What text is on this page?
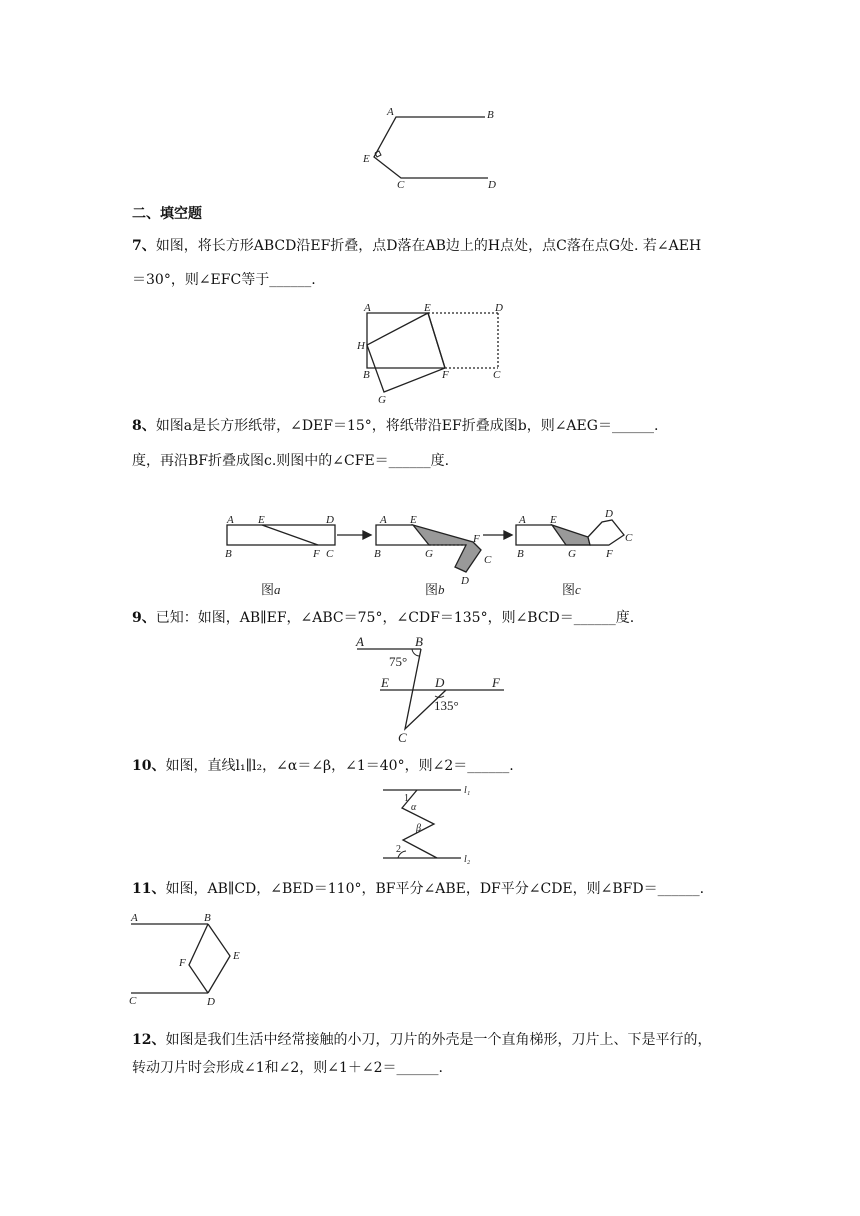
A	B
E
C	D
二、填空题
7、如图，将长方形ABCD沿EF折叠，点D落在AB边上的H点处，点C落在点G处. 若∠AEH
＝30°，则∠EFC等于______.
A	E	D
H
B	F	C
G
8、如图a是长方形纸带，∠DEF＝15°，将纸带沿EF折叠成图b，则∠AEG＝______.
度，再沿BF折叠成图c.则图中的∠CFE＝______度.
A E	D
B	F C
A E
B	G
F
C
D
A E	D
B	G	F
C
图a	图b	图c
9、已知：如图，AB∥EF，∠ABC＝75°，∠CDF＝135°，则∠BCD＝______度.
A	B
E	D	F
C
75°
135°
10、如图，直线l₁∥l₂，∠α＝∠β，∠1＝40°，则∠2＝______.
l₁
l₂
1
α
β
2
11、如图，AB∥CD，∠BED＝110°，BF平分∠ABE，DF平分∠CDE，则∠BFD＝______.
A	B
E
F
C	D
12、如图是我们生活中经常接触的小刀，刀片的外壳是一个直角梯形，刀片上、下是平行的，
转动刀片时会形成∠1和∠2，则∠1＋∠2＝______.
